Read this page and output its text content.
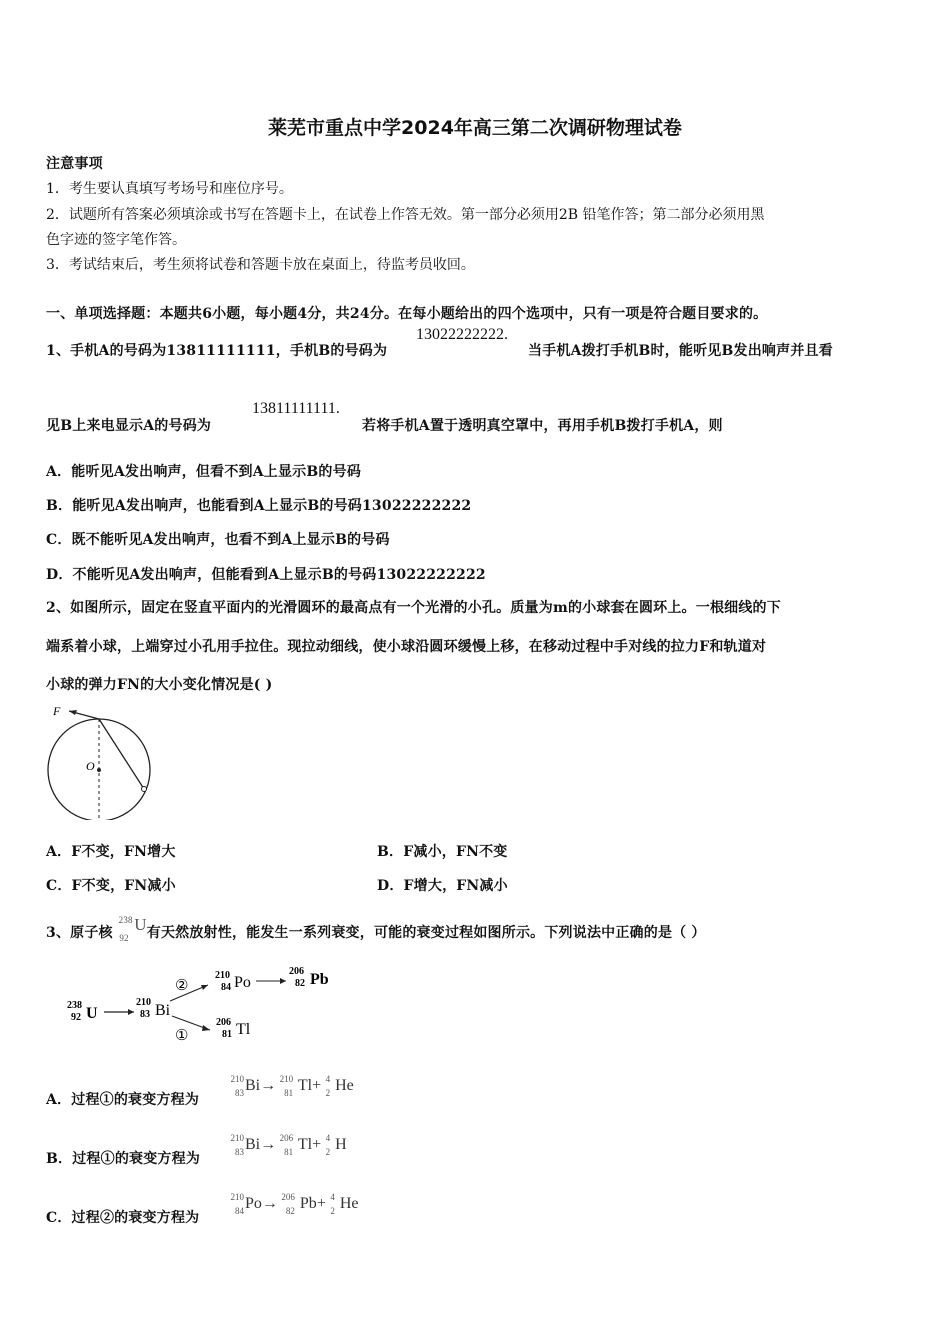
莱芜市重点中学2024年高三第二次调研物理试卷
注意事项
1．考生要认真填写考场号和座位序号。
2．试题所有答案必须填涂或书写在答题卡上，在试卷上作答无效。第一部分必须用2B 铅笔作答；第二部分必须用黑
色字迹的签字笔作答。
3．考试结束后，考生须将试卷和答题卡放在桌面上，待监考员收回。
一、单项选择题：本题共6小题，每小题4分，共24分。在每小题给出的四个选项中，只有一项是符合题目要求的。
1、手机A的号码为13811111111，手机B的号码为
13022222222.
当手机A拨打手机B时，能听见B发出响声并且看
见B上来电显示A的号码为
13811111111.
若将手机A置于透明真空罩中，再用手机B拨打手机A，则
A．能听见A发出响声，但看不到A上显示B的号码
B．能听见A发出响声，也能看到A上显示B的号码13022222222
C．既不能听见A发出响声，也看不到A上显示B的号码
D．不能听见A发出响声，但能看到A上显示B的号码13022222222
2、如图所示，固定在竖直平面内的光滑圆环的最高点有一个光滑的小孔。质量为m的小球套在圆环上。一根细线的下
端系着小球，上端穿过小孔用手拉住。现拉动细线，使小球沿圆环缓慢上移，在移动过程中手对线的拉力F和轨道对
小球的弹力FN的大小变化情况是( )
F
O
A．F不变，FN增大	B．F减小，FN不变
C．F不变，FN减小	D．F增大，FN减小
3、原子核
238
92
U 有天然放射性，能发生一系列衰变，可能的衰变过程如图所示。下列说法中正确的是（ ）
238
92 U
210
83 Bi
②
①
210
84 Po
206
82 Pb
206
81 Tl
A．过程①的衰变方程为
210
83 Bi→ 210
81 Tl+ 4
2 He
B．过程①的衰变方程为
210
83 Bi→ 206
81 Tl+ 4
2 H
C．过程②的衰变方程为
210
84 Po→ 206
82 Pb+ 4
2 He
